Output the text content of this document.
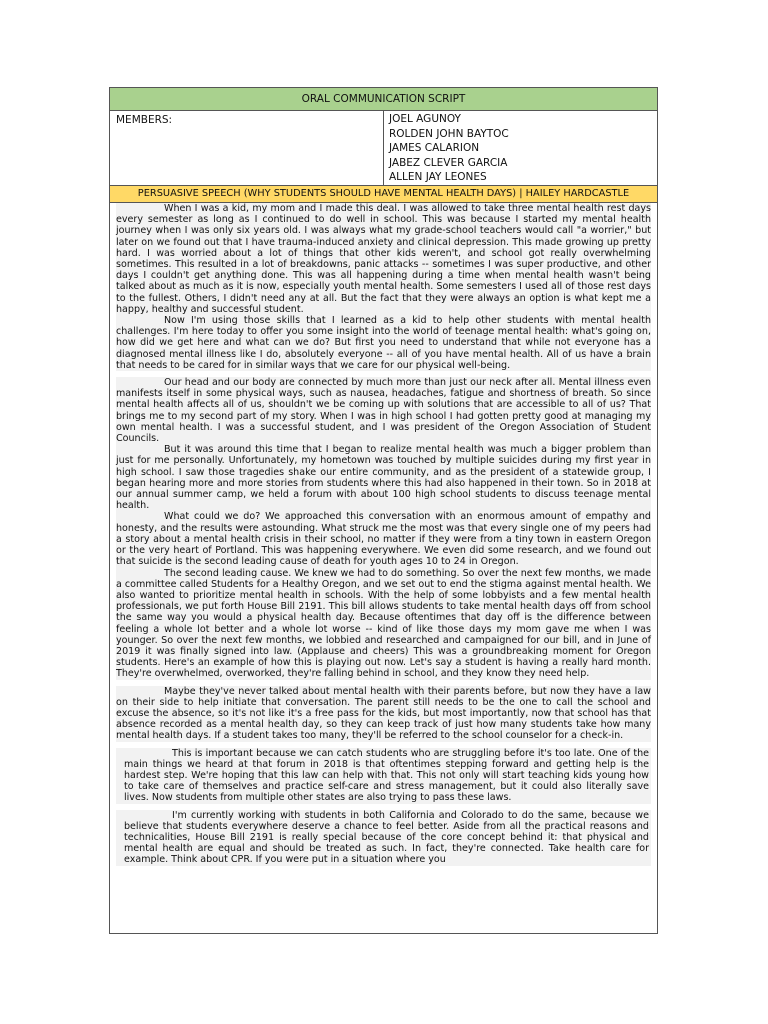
ORAL COMMUNICATION SCRIPT
MEMBERS:	JOEL AGUNOY
ROLDEN JOHN BAYTOC
JAMES CALARION
JABEZ CLEVER GARCIA
ALLEN JAY LEONES
PERSUASIVE SPEECH (WHY STUDENTS SHOULD HAVE MENTAL HEALTH DAYS) | HAILEY HARDCASTLE

When I was a kid, my mom and I made this deal. I was allowed to take three mental health rest days every semester as long as I continued to do well in school. This was because I started my mental health journey when I was only six years old. I was always what my grade-school teachers would call "a worrier," but later on we found out that I have trauma-induced anxiety and clinical depression. This made growing up pretty hard. I was worried about a lot of things that other kids weren't, and school got really overwhelming sometimes. This resulted in a lot of breakdowns, panic attacks -- sometimes I was super productive, and other days I couldn't get anything done. This was all happening during a time when mental health wasn't being talked about as much as it is now, especially youth mental health. Some semesters I used all of those rest days to the fullest. Others, I didn't need any at all. But the fact that they were always an option is what kept me a happy, healthy and successful student.

Now I'm using those skills that I learned as a kid to help other students with mental health challenges. I'm here today to offer you some insight into the world of teenage mental health: what's going on, how did we get here and what can we do? But first you need to understand that while not everyone has a diagnosed mental illness like I do, absolutely everyone -- all of you have mental health. All of us have a brain that needs to be cared for in similar ways that we care for our physical well-being.

Our head and our body are connected by much more than just our neck after all. Mental illness even manifests itself in some physical ways, such as nausea, headaches, fatigue and shortness of breath. So since mental health affects all of us, shouldn't we be coming up with solutions that are accessible to all of us? That brings me to my second part of my story. When I was in high school I had gotten pretty good at managing my own mental health. I was a successful student, and I was president of the Oregon Association of Student Councils.

But it was around this time that I began to realize mental health was much a bigger problem than just for me personally. Unfortunately, my hometown was touched by multiple suicides during my first year in high school. I saw those tragedies shake our entire community, and as the president of a statewide group, I began hearing more and more stories from students where this had also happened in their town. So in 2018 at our annual summer camp, we held a forum with about 100 high school students to discuss teenage mental health.

What could we do? We approached this conversation with an enormous amount of empathy and honesty, and the results were astounding. What struck me the most was that every single one of my peers had a story about a mental health crisis in their school, no matter if they were from a tiny town in eastern Oregon or the very heart of Portland. This was happening everywhere. We even did some research, and we found out that suicide is the second leading cause of death for youth ages 10 to 24 in Oregon.

The second leading cause. We knew we had to do something. So over the next few months, we made a committee called Students for a Healthy Oregon, and we set out to end the stigma against mental health. We also wanted to prioritize mental health in schools. With the help of some lobbyists and a few mental health professionals, we put forth House Bill 2191. This bill allows students to take mental health days off from school the same way you would a physical health day. Because oftentimes that day off is the difference between feeling a whole lot better and a whole lot worse -- kind of like those days my mom gave me when I was younger. So over the next few months, we lobbied and researched and campaigned for our bill, and in June of 2019 it was finally signed into law. (Applause and cheers) This was a groundbreaking moment for Oregon students. Here's an example of how this is playing out now. Let's say a student is having a really hard month. They're overwhelmed, overworked, they're falling behind in school, and they know they need help.

Maybe they've never talked about mental health with their parents before, but now they have a law on their side to help initiate that conversation. The parent still needs to be the one to call the school and excuse the absence, so it's not like it's a free pass for the kids, but most importantly, now that school has that absence recorded as a mental health day, so they can keep track of just how many students take how many mental health days. If a student takes too many, they'll be referred to the school counselor for a check-in.

This is important because we can catch students who are struggling before it's too late. One of the main things we heard at that forum in 2018 is that oftentimes stepping forward and getting help is the hardest step. We're hoping that this law can help with that. This not only will start teaching kids young how to take care of themselves and practice self-care and stress management, but it could also literally save lives. Now students from multiple other states are also trying to pass these laws.

I'm currently working with students in both California and Colorado to do the same, because we believe that students everywhere deserve a chance to feel better. Aside from all the practical reasons and technicalities, House Bill 2191 is really special because of the core concept behind it: that physical and mental health are equal and should be treated as such. In fact, they're connected. Take health care for example. Think about CPR. If you were put in a situation where you
